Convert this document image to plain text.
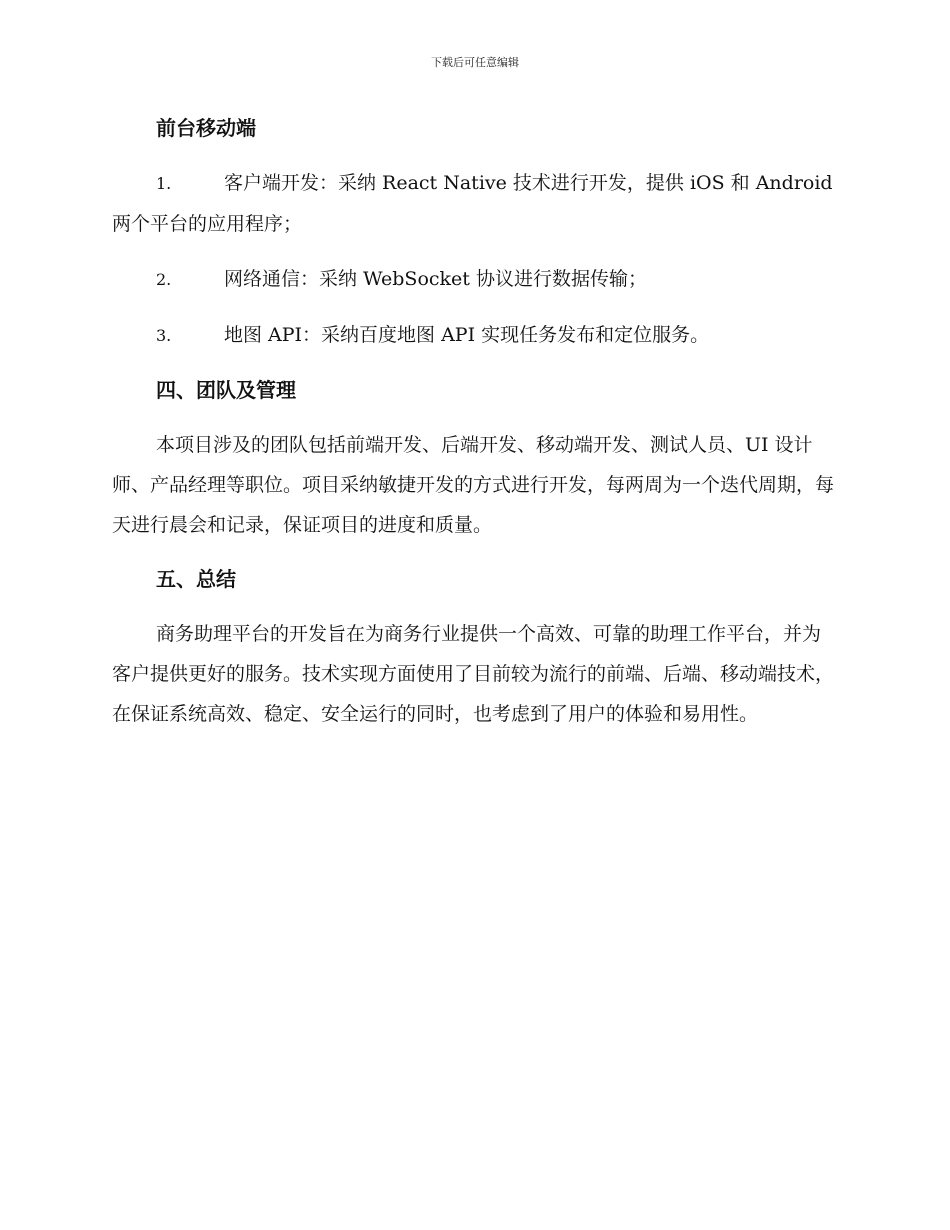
下载后可任意编辑
前台移动端
1.	客户端开发：采纳 React Native 技术进行开发，提供 iOS 和 Android 两个平台的应用程序；
2.	网络通信：采纳 WebSocket 协议进行数据传输；
3.	地图 API：采纳百度地图 API 实现任务发布和定位服务。
四、团队及管理

本项目涉及的团队包括前端开发、后端开发、移动端开发、测试人员、UI 设计师、产品经理等职位。项目采纳敏捷开发的方式进行开发，每两周为一个迭代周期，每天进行晨会和记录，保证项目的进度和质量。

五、总结

商务助理平台的开发旨在为商务行业提供一个高效、可靠的助理工作平台，并为客户提供更好的服务。技术实现方面使用了目前较为流行的前端、后端、移动端技术，在保证系统高效、稳定、安全运行的同时，也考虑到了用户的体验和易用性。
